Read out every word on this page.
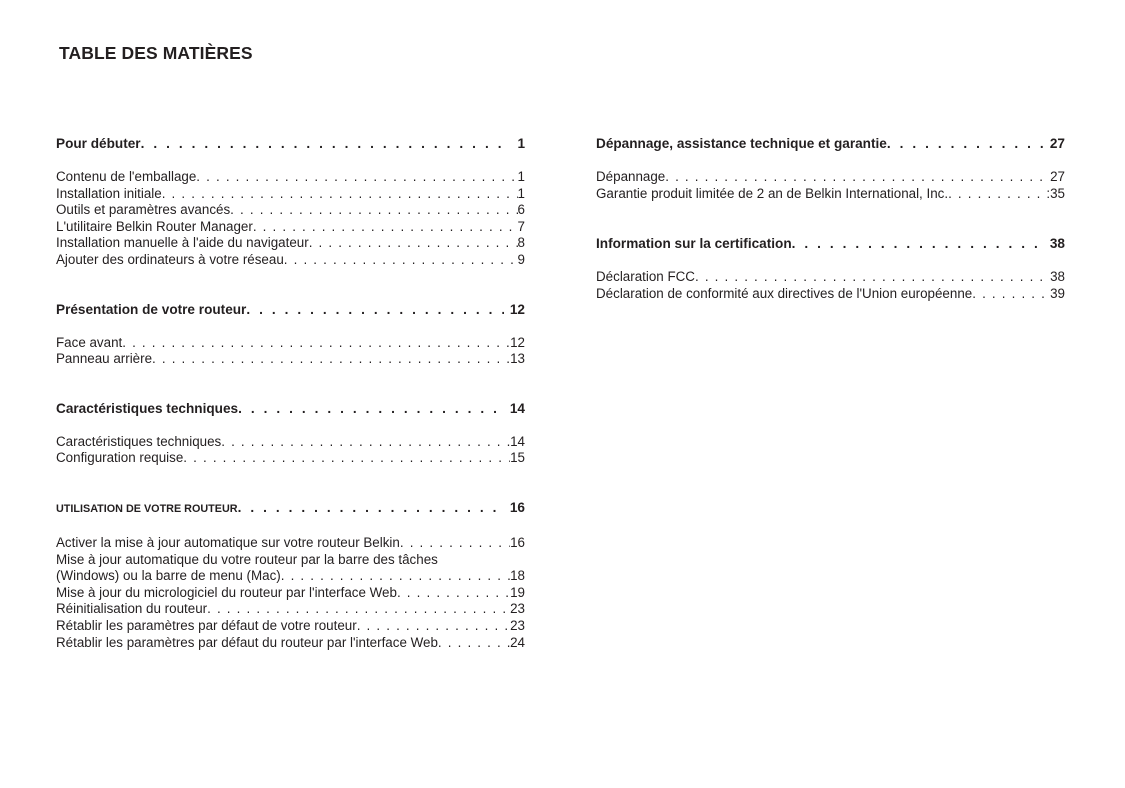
TABLE DES MATIÈRES
Pour débuter . . .	1
Contenu de l'emballage . . .	1
Installation initiale . . .	1
Outils et paramètres avancés . . .	6
L'utilitaire Belkin Router Manager . . .	7
Installation manuelle à l'aide du navigateur . . .	8
Ajouter des ordinateurs à votre réseau . . .	9
Présentation de votre routeur . . .	12
Face avant . . .	12
Panneau arrière . . .	13
Caractéristiques techniques . . .	14
Caractéristiques techniques . . .	14
Configuration requise . . .	15
UTILISATION DE VOTRE ROUTEUR . . .	16
Activer la mise à jour automatique sur votre routeur Belkin . . .	16
Mise à jour automatique du votre routeur par la barre des tâches
(Windows) ou la barre de menu (Mac) . . .	18
Mise à jour du micrologiciel du routeur par l'interface Web . . .	19
Réinitialisation du routeur . . .	23
Rétablir les paramètres par défaut de votre routeur . . .	23
Rétablir les paramètres par défaut du routeur par l'interface Web . . .	24
Dépannage, assistance technique et garantie . . .	27
Dépannage . . .	27
Garantie produit limitée de 2 an de Belkin International, Inc. . . .	:35
Information sur la certification . . .	38
Déclaration FCC . . .	38
Déclaration de conformité aux directives de l'Union européenne . . .	39
